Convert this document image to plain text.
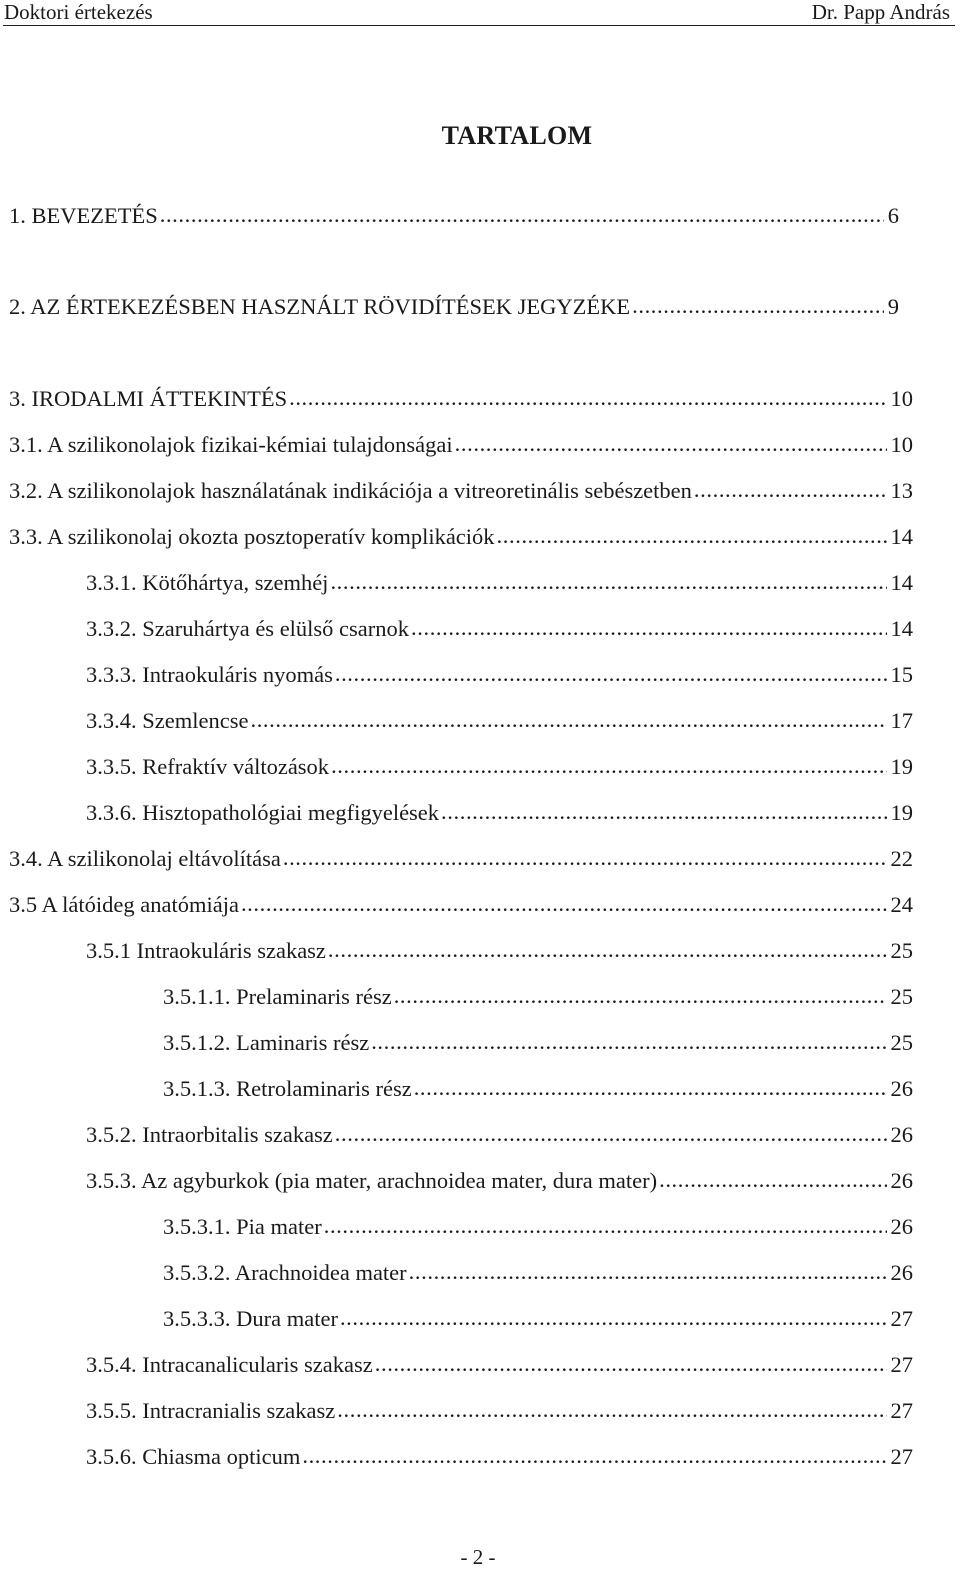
Doktori értekezés	Dr. Papp András
TARTALOM
1. BEVEZETÉS .....	6
2. AZ ÉRTEKEZÉSBEN HASZNÁLT RÖVIDÍTÉSEK JEGYZÉKE .....	9
3. IRODALMI ÁTTEKINTÉS .....	10
3.1. A szilikonolajok fizikai-kémiai tulajdonságai .....	10
3.2. A szilikonolajok használatának indikációja a vitreoretinális sebészetben .....	13
3.3. A szilikonolaj okozta posztoperatív komplikációk .....	14
3.3.1. Kötőhártya, szemhéj .....	14
3.3.2. Szaruhártya és elülső csarnok .....	14
3.3.3. Intraokuláris nyomás .....	15
3.3.4. Szemlencse .....	17
3.3.5. Refraktív változások .....	19
3.3.6. Hisztopathológiai megfigyelések .....	19
3.4. A szilikonolaj eltávolítása .....	22
3.5 A látóideg anatómiája .....	24
3.5.1 Intraokuláris szakasz .....	25
3.5.1.1. Prelaminaris rész .....	25
3.5.1.2. Laminaris rész .....	25
3.5.1.3. Retrolaminaris rész .....	26
3.5.2. Intraorbitalis szakasz .....	26
3.5.3. Az agyburkok (pia mater, arachnoidea mater, dura mater) .....	26
3.5.3.1. Pia mater .....	26
3.5.3.2. Arachnoidea mater .....	26
3.5.3.3. Dura mater .....	27
3.5.4. Intracanalicularis szakasz .....	27
3.5.5. Intracranialis szakasz .....	27
3.5.6. Chiasma opticum .....	27
- 2 -
